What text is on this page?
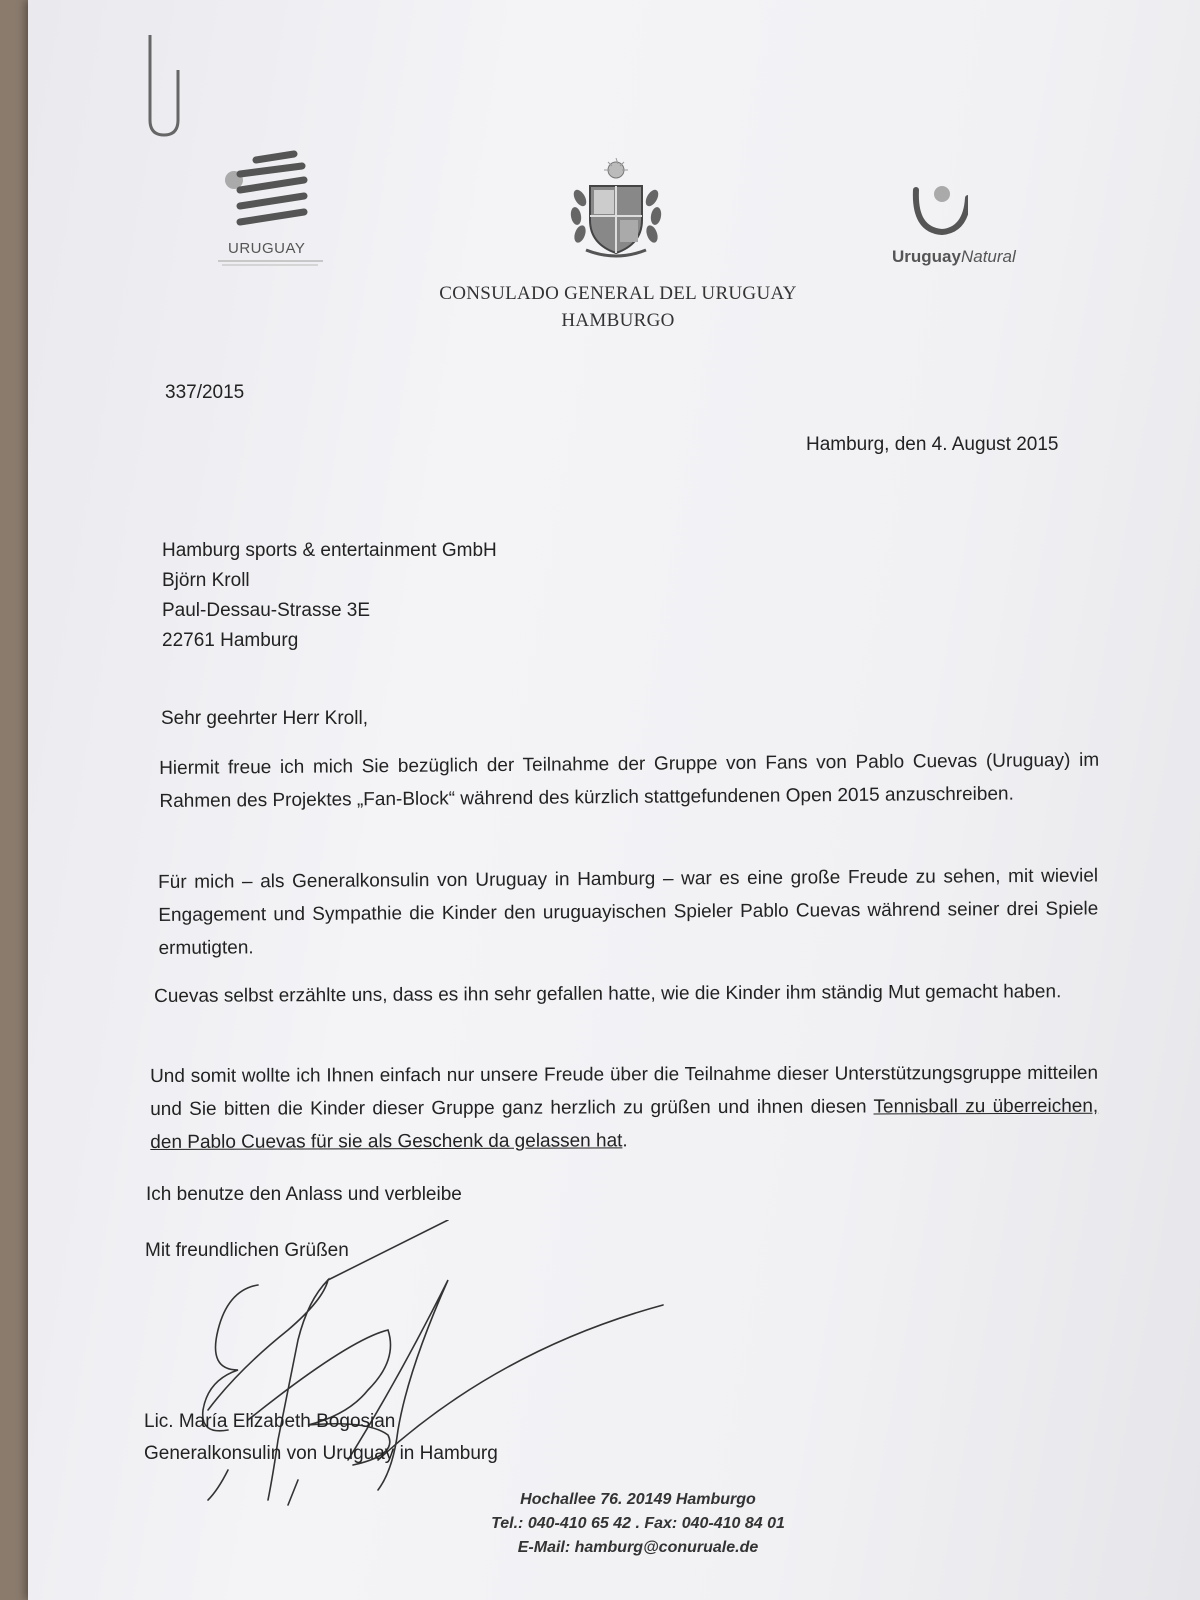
URUGUAY	UruguayNatural
CONSULADO GENERAL DEL URUGUAY
HAMBURGO
337/2015
Hamburg, den 4. August 2015
Hamburg sports & entertainment GmbH
Björn Kroll
Paul-Dessau-Strasse 3E
22761 Hamburg
Sehr geehrter Herr Kroll,
Hiermit freue ich mich Sie bezüglich der Teilnahme der Gruppe von Fans von Pablo Cuevas (Uruguay) im Rahmen des Projektes „Fan-Block“ während des kürzlich stattgefundenen Open 2015 anzuschreiben.
Für mich – als Generalkonsulin von Uruguay in Hamburg – war es eine große Freude zu sehen, mit wieviel Engagement und Sympathie die Kinder den uruguayischen Spieler Pablo Cuevas während seiner drei Spiele ermutigten.
Cuevas selbst erzählte uns, dass es ihn sehr gefallen hatte, wie die Kinder ihm ständig Mut gemacht haben.
Und somit wollte ich Ihnen einfach nur unsere Freude über die Teilnahme dieser Unterstützungsgruppe mitteilen und Sie bitten die Kinder dieser Gruppe ganz herzlich zu grüßen und ihnen diesen Tennisball zu überreichen, den Pablo Cuevas für sie als Geschenk da gelassen hat.
Ich benutze den Anlass und verbleibe
Mit freundlichen Grüßen
Lic. María Elizabeth Bogosian
Generalkonsulin von Uruguay in Hamburg
Hochallee 76. 20149 Hamburgo
Tel.: 040-410 65 42 . Fax: 040-410 84 01
E-Mail: hamburg@conuruale.de
